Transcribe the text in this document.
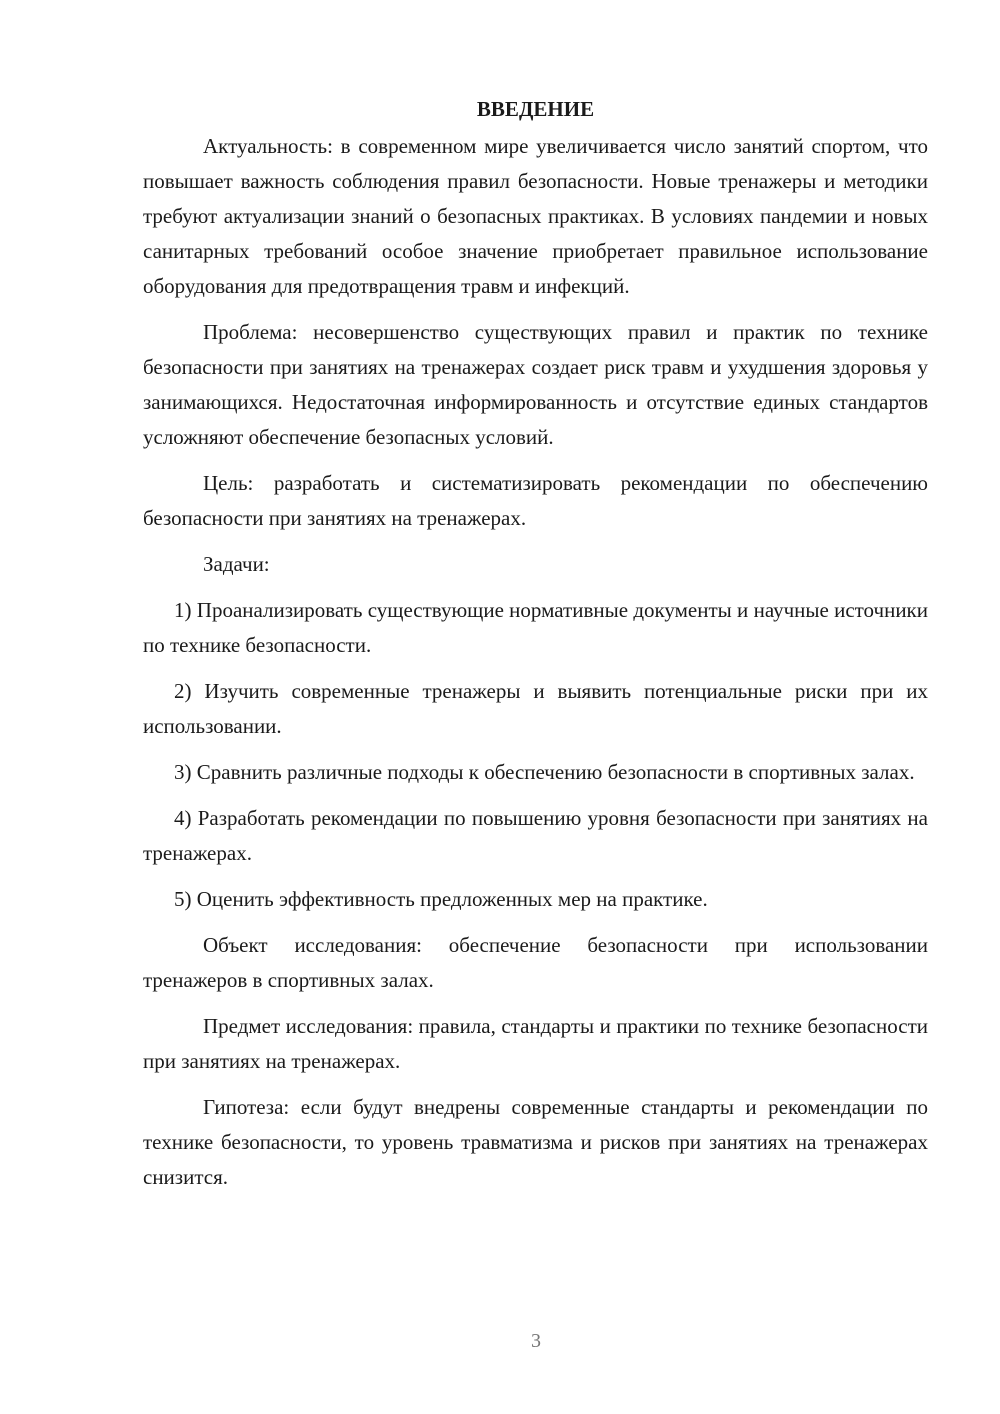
ВВЕДЕНИЕ

Актуальность: в современном мире увеличивается число занятий спортом, что повышает важность соблюдения правил безопасности. Новые тренажеры и методики требуют актуализации знаний о безопасных практиках. В условиях пандемии и новых санитарных требований особое значение приобретает правильное использование оборудования для предотвращения травм и инфекций.

Проблема: несовершенство существующих правил и практик по технике безопасности при занятиях на тренажерах создает риск травм и ухудшения здоровья у занимающихся. Недостаточная информированность и отсутствие единых стандартов усложняют обеспечение безопасных условий.

Цель: разработать и систематизировать рекомендации по обеспечению безопасности при занятиях на тренажерах.

Задачи:

1) Проанализировать существующие нормативные документы и научные источники по технике безопасности.

2) Изучить современные тренажеры и выявить потенциальные риски при их использовании.

3) Сравнить различные подходы к обеспечению безопасности в спортивных залах.

4) Разработать рекомендации по повышению уровня безопасности при занятиях на тренажерах.

5) Оценить эффективность предложенных мер на практике.

Объект исследования: обеспечение безопасности при использовании тренажеров в спортивных залах.

Предмет исследования: правила, стандарты и практики по технике безопасности при занятиях на тренажерах.

Гипотеза: если будут внедрены современные стандарты и рекомендации по технике безопасности, то уровень травматизма и рисков при занятиях на тренажерах снизится.

3
